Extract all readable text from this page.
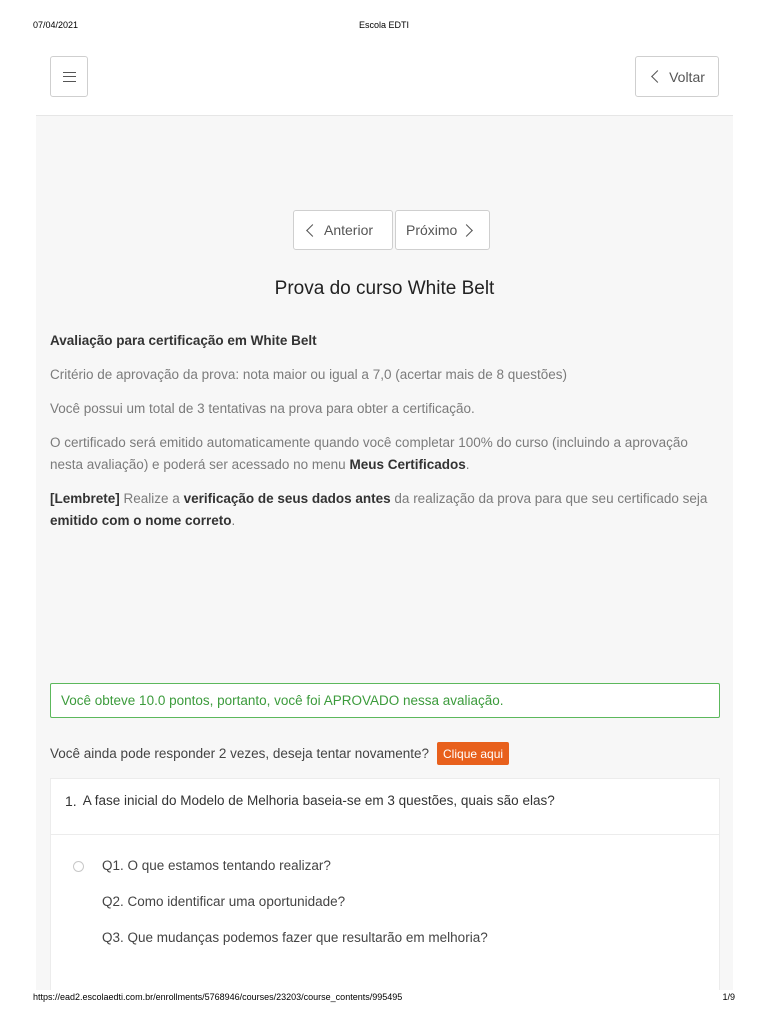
07/04/2021	Escola EDTI
Voltar
Anterior Próximo
Prova do curso White Belt

Avaliação para certificação em White Belt

Critério de aprovação da prova: nota maior ou igual a 7,0 (acertar mais de 8 questões)

Você possui um total de 3 tentativas na prova para obter a certificação.

O certificado será emitido automaticamente quando você completar 100% do curso (incluindo a aprovação nesta avaliação) e poderá ser acessado no menu Meus Certificados.

[Lembrete] Realize a verificação de seus dados antes da realização da prova para que seu certificado seja emitido com o nome correto.

Você obteve 10.0 pontos, portanto, você foi APROVADO nessa avaliação.
Você ainda pode responder 2 vezes, deseja tentar novamente?	Clique aqui
1. A fase inicial do Modelo de Melhoria baseia-se em 3 questões, quais são elas?
Q1. O que estamos tentando realizar?
Q2. Como identificar uma oportunidade?
Q3. Que mudanças podemos fazer que resultarão em melhoria?
https://ead2.escolaedti.com.br/enrollments/5768946/courses/23203/course_contents/995495	1/9
